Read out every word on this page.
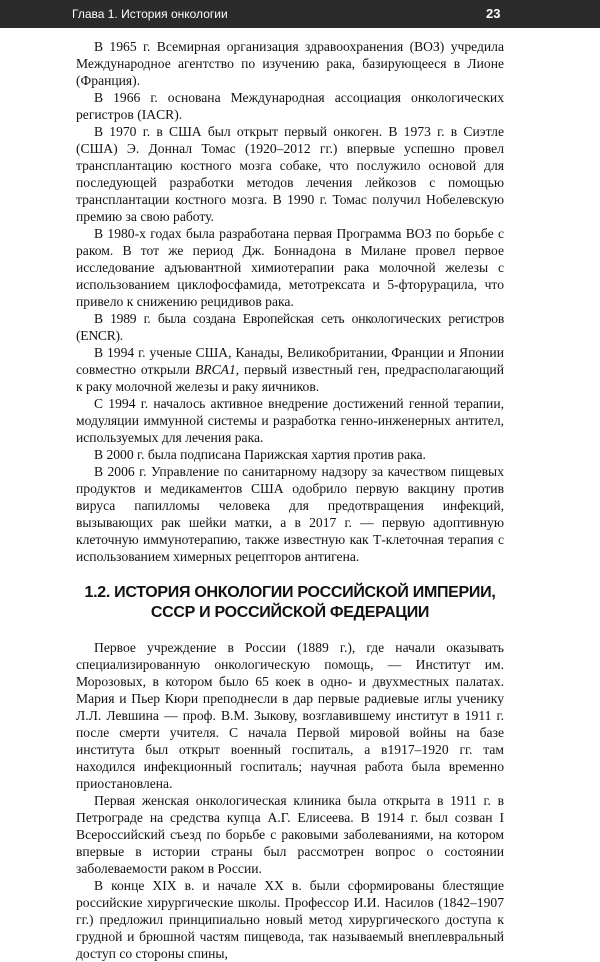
Глава 1. История онкологии	23

В 1965 г. Всемирная организация здравоохранения (ВОЗ) учредила Международное агентство по изучению рака, базирующееся в Лионе (Франция).

В 1966 г. основана Международная ассоциация онкологических регистров (IACR).

В 1970 г. в США был открыт первый онкоген. В 1973 г. в Сиэтле (США) Э. Доннал Томас (1920–2012 гг.) впервые успешно провел трансплантацию костного мозга собаке, что послужило основой для последующей разработки методов лечения лейкозов с помощью трансплантации костного мозга. В 1990 г. Томас получил Нобелевскую премию за свою работу.

В 1980-х годах была разработана первая Программа ВОЗ по борьбе с раком. В тот же период Дж. Боннадона в Милане провел первое исследование адъювантной химиотерапии рака молочной железы с использованием циклофосфамида, метотрексата и 5-фторурацила, что привело к снижению рецидивов рака.

В 1989 г. была создана Европейская сеть онкологических регистров (ENCR).

В 1994 г. ученые США, Канады, Великобритании, Франции и Японии совместно открыли BRCA1, первый известный ген, предрасполагающий к раку молочной железы и раку яичников.

С 1994 г. началось активное внедрение достижений генной терапии, модуляции иммунной системы и разработка генно-инженерных антител, используемых для лечения рака.

В 2000 г. была подписана Парижская хартия против рака.

В 2006 г. Управление по санитарному надзору за качеством пищевых продуктов и медикаментов США одобрило первую вакцину против вируса папилломы человека для предотвращения инфекций, вызывающих рак шейки матки, а в 2017 г. — первую адоптивную клеточную иммунотерапию, также известную как Т-клеточная терапия с использованием химерных рецепторов антигена.

1.2. ИСТОРИЯ ОНКОЛОГИИ РОССИЙСКОЙ ИМПЕРИИ,
СССР И РОССИЙСКОЙ ФЕДЕРАЦИИ

Первое учреждение в России (1889 г.), где начали оказывать специализированную онкологическую помощь, — Институт им. Морозовых, в котором было 65 коек в одно- и двухместных палатах. Мария и Пьер Кюри преподнесли в дар первые радиевые иглы ученику Л.Л. Левшина — проф. В.М. Зыкову, возглавившему институт в 1911 г. после смерти учителя. С начала Первой мировой войны на базе института был открыт военный госпиталь, а в1917–1920 гг. там находился инфекционный госпиталь; научная работа была временно приостановлена.

Первая женская онкологическая клиника была открыта в 1911 г. в Петрограде на средства купца А.Г. Елисеева. В 1914 г. был созван I Всероссийский съезд по борьбе с раковыми заболеваниями, на котором впервые в истории страны был рассмотрен вопрос о состоянии заболеваемости раком в России.

В конце XIX в. и начале XX в. были сформированы блестящие российские хирургические школы. Профессор И.И. Насилов (1842–1907 гг.) предложил принципиально новый метод хирургического доступа к грудной и брюшной частям пищевода, так называемый внеплевральный доступ со стороны спины,
